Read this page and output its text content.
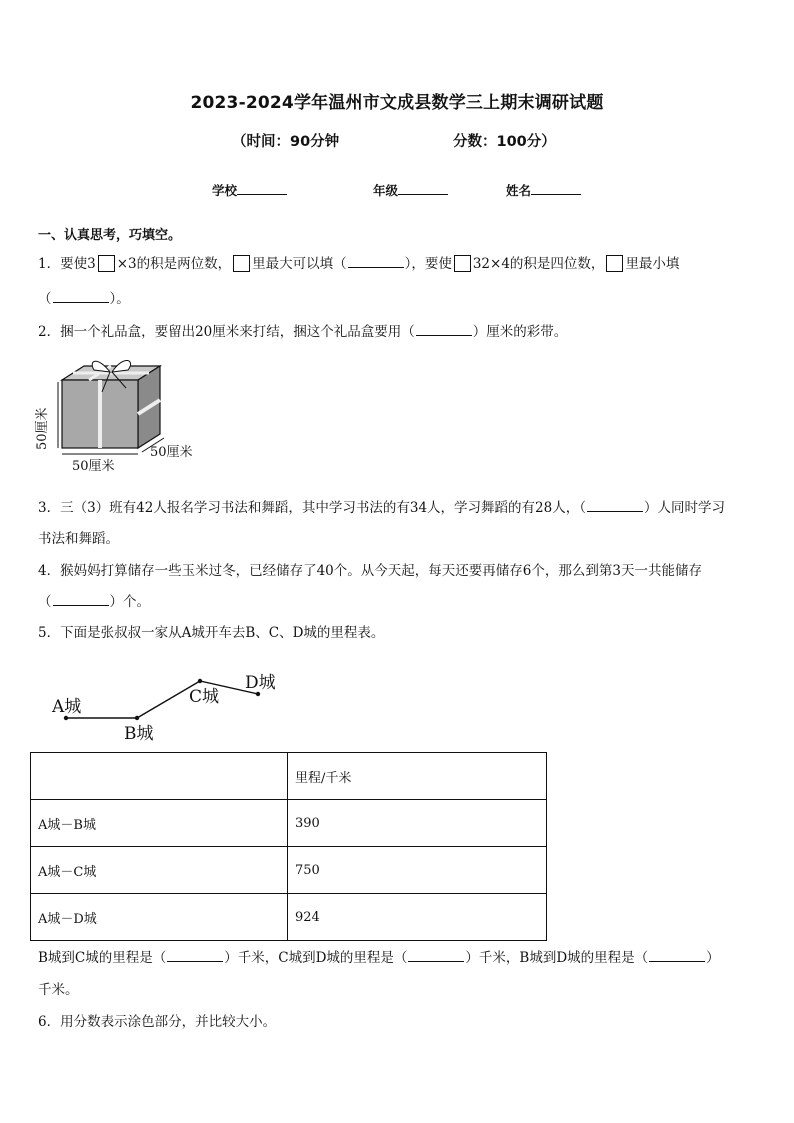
2023-2024学年温州市文成县数学三上期末调研试题
（时间：90分钟	分数：100分）
学校	年级	姓名
一、认真思考，巧填空。
1．要使3 ×3的积是两位数， 里最大可以填（	），要使 32×4的积是四位数， 里最小填
（	）。
2．捆一个礼品盒，要留出20厘米来打结，捆这个礼品盒要用（	）厘米的彩带。
50厘米
50厘米
50厘米
3．三（3）班有42人报名学习书法和舞蹈，其中学习书法的有34人，学习舞蹈的有28人，（	）人同时学习
书法和舞蹈。
4．猴妈妈打算储存一些玉米过冬，已经储存了40个。从今天起，每天还要再储存6个，那么到第3天一共能储存
（	）个。
5．下面是张叔叔一家从A城开车去B、C、D城的里程表。
A城
B城
C城
D城
	里程/千米
A城－B城	390
A城－C城	750
A城－D城	924
B城到C城的里程是（	）千米，C城到D城的里程是（	）千米，B城到D城的里程是（	）
千米。
6．用分数表示涂色部分，并比较大小。
